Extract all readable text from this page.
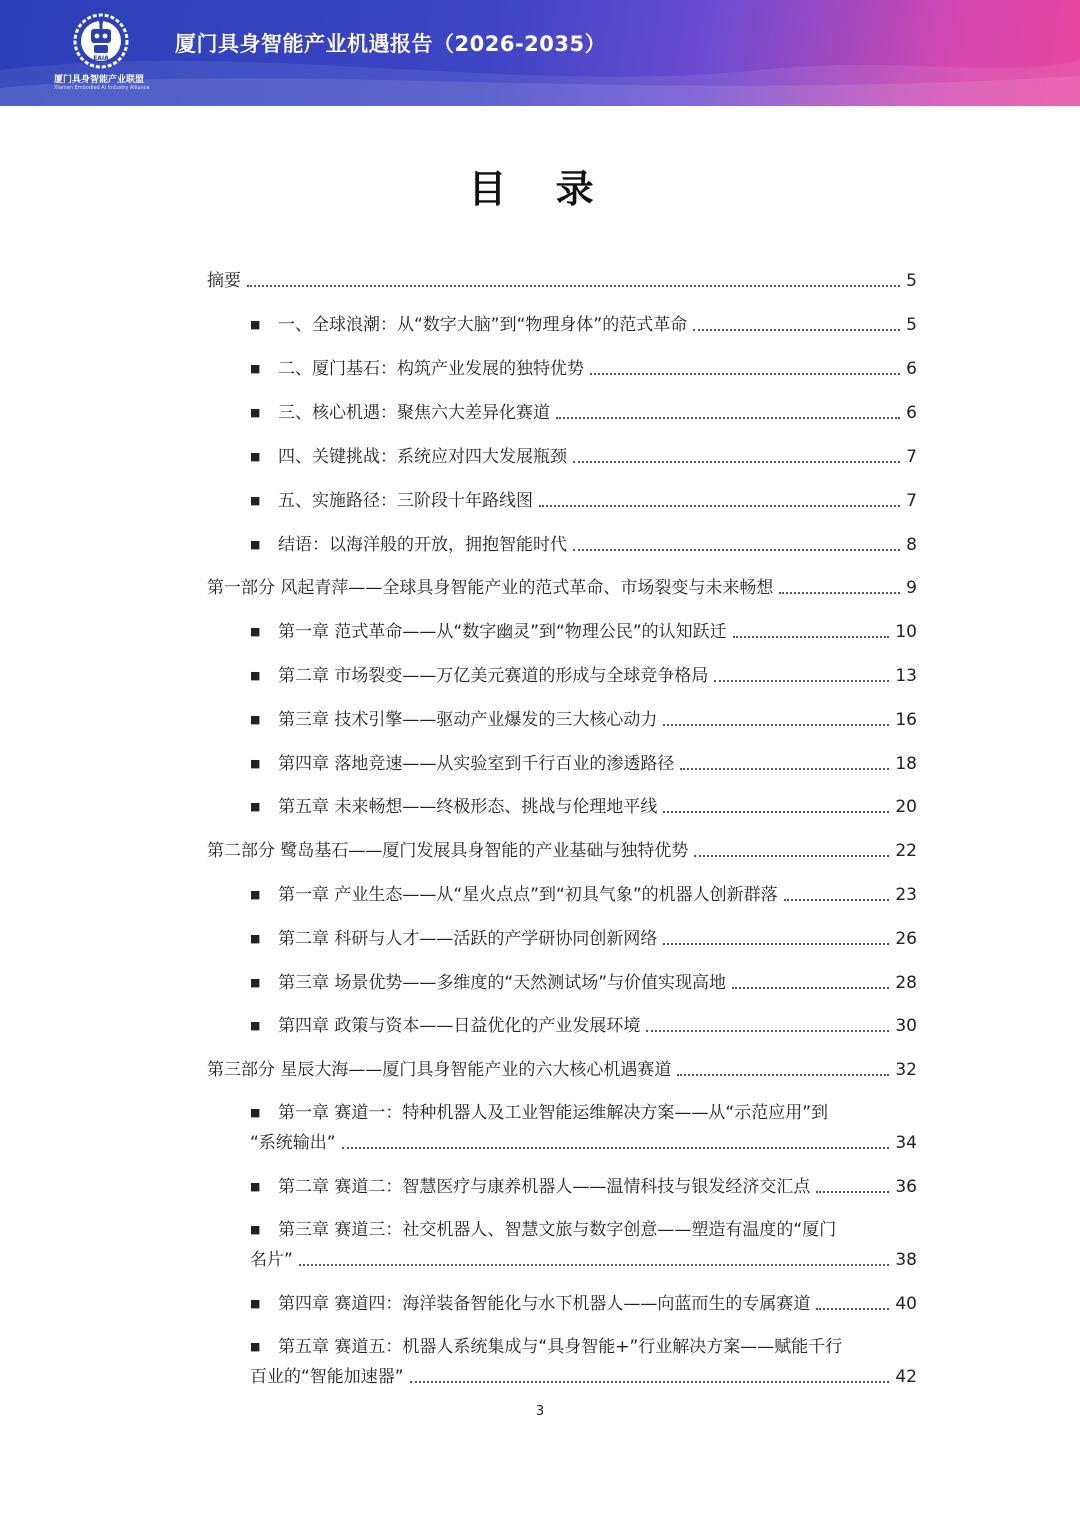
EAIA
厦门具身智能产业联盟
Xiamen Embodied AI Industry Alliance
厦门具身智能产业机遇报告（2026-2035）
目 录
摘要	5
■	一、全球浪潮：从“数字大脑”到“物理身体”的范式革命	5
■	二、厦门基石：构筑产业发展的独特优势	6
■	三、核心机遇：聚焦六大差异化赛道	6
■	四、关键挑战：系统应对四大发展瓶颈	7
■	五、实施路径：三阶段十年路线图	7
■	结语：以海洋般的开放，拥抱智能时代	8
第一部分 风起青萍——全球具身智能产业的范式革命、市场裂变与未来畅想	9
■	第一章 范式革命——从“数字幽灵”到“物理公民”的认知跃迁	10
■	第二章 市场裂变——万亿美元赛道的形成与全球竞争格局	13
■	第三章 技术引擎——驱动产业爆发的三大核心动力	16
■	第四章 落地竞速——从实验室到千行百业的渗透路径	18
■	第五章 未来畅想——终极形态、挑战与伦理地平线	20
第二部分 鹭岛基石——厦门发展具身智能的产业基础与独特优势	22
■	第一章 产业生态——从“星火点点”到“初具气象”的机器人创新群落	23
■	第二章 科研与人才——活跃的产学研协同创新网络	26
■	第三章 场景优势——多维度的“天然测试场”与价值实现高地	28
■	第四章 政策与资本——日益优化的产业发展环境	30
第三部分 星辰大海——厦门具身智能产业的六大核心机遇赛道	32
■	第一章 赛道一：特种机器人及工业智能运维解决方案——从“示范应用”到
“系统输出”	34
■	第二章 赛道二：智慧医疗与康养机器人——温情科技与银发经济交汇点	36
■	第三章 赛道三：社交机器人、智慧文旅与数字创意——塑造有温度的“厦门
名片”	38
■	第四章 赛道四：海洋装备智能化与水下机器人——向蓝而生的专属赛道	40
■	第五章 赛道五：机器人系统集成与“具身智能+”行业解决方案——赋能千行
百业的“智能加速器”	42
3
